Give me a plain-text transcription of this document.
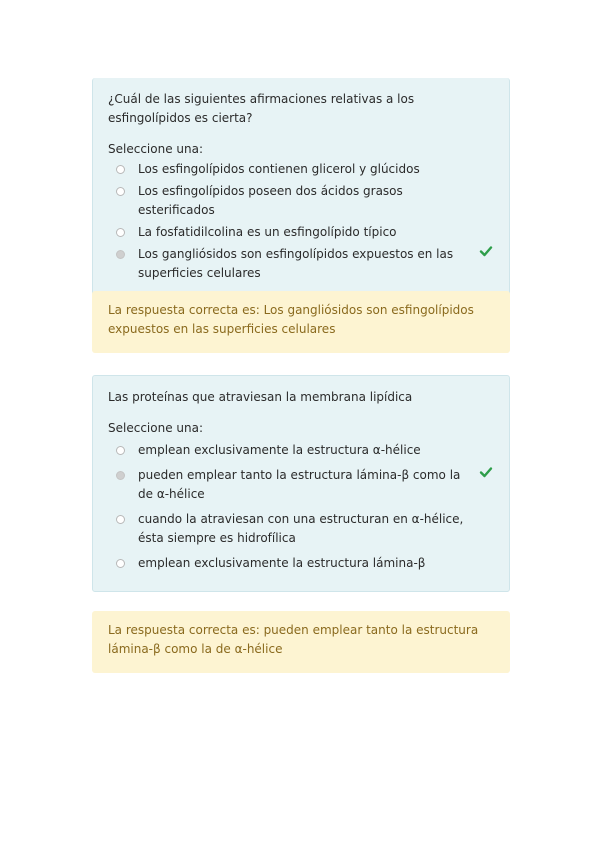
¿Cuál de las siguientes afirmaciones relativas a los esfingolípidos es cierta?
Seleccione una:
Los esfingolípidos contienen glicerol y glúcidos
Los esfingolípidos poseen dos ácidos grasos esterificados
La fosfatidilcolina es un esfingolípido típico
Los gangliósidos son esfingolípidos expuestos en las superficies celulares
La respuesta correcta es: Los gangliósidos son esfingolípidos expuestos en las superficies celulares
Las proteínas que atraviesan la membrana lipídica
Seleccione una:
emplean exclusivamente la estructura α-hélice
pueden emplear tanto la estructura lámina-β como la de α-hélice
cuando la atraviesan con una estructuran en α-hélice, ésta siempre es hidrofílica
emplean exclusivamente la estructura lámina-β
La respuesta correcta es: pueden emplear tanto la estructura lámina-β como la de α-hélice
